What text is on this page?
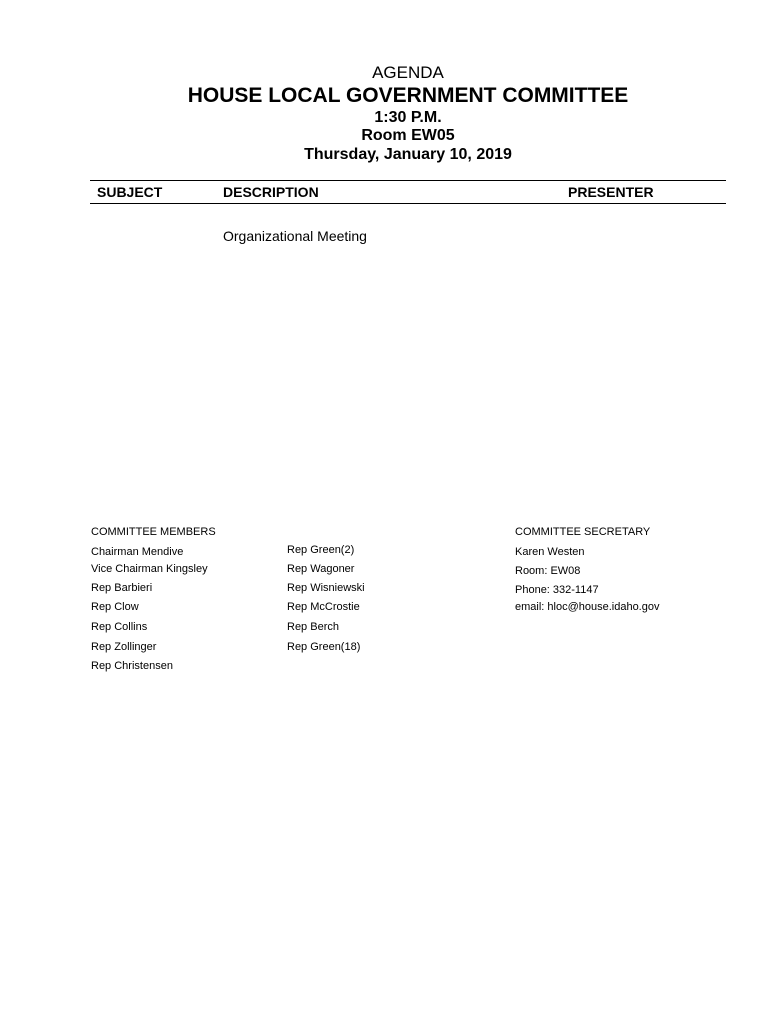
AGENDA
HOUSE LOCAL GOVERNMENT COMMITTEE
1:30 P.M.
Room EW05
Thursday, January 10, 2019
SUBJECT	DESCRIPTION	PRESENTER
Organizational Meeting
COMMITTEE MEMBERS
Chairman Mendive
Vice Chairman Kingsley
Rep Barbieri
Rep Clow
Rep Collins
Rep Zollinger
Rep Christensen
Rep Green(2)
Rep Wagoner
Rep Wisniewski
Rep McCrostie
Rep Berch
Rep Green(18)
COMMITTEE SECRETARY
Karen Westen
Room: EW08
Phone: 332-1147
email: hloc@house.idaho.gov
